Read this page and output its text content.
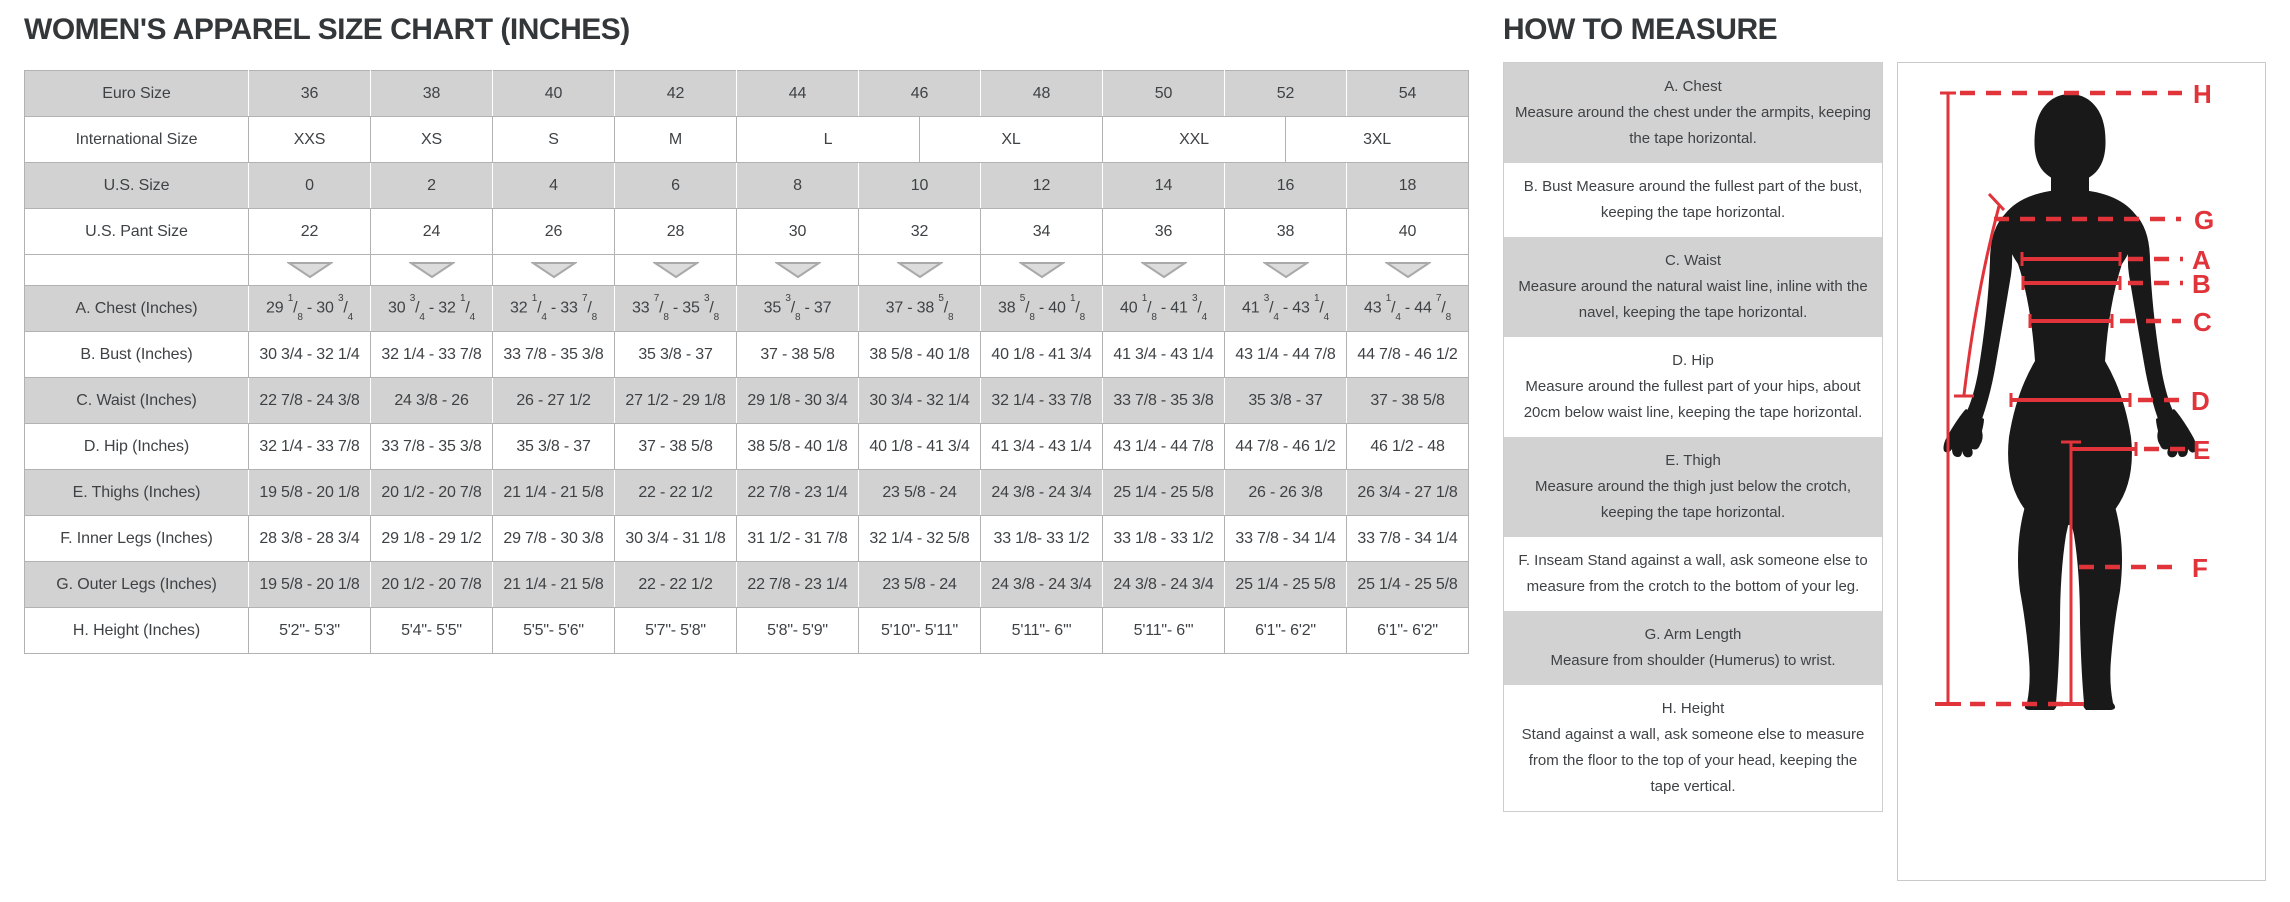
WOMEN'S APPAREL SIZE CHART (INCHES)
Euro Size	36	38	40	42	44	46		48	50	52		54
International Size	XXS	XS	S	M	L		XL		XXL		3XL	
U.S. Size	0	2	4	6	8	10		12	14	16		18
U.S. Pant Size	22	24	26	28	30	32		34	36	38		40

A. Chest (Inches)	29 $^1/_8 - 30$ $^3/_4$	30 $^3/_4 - 32$ $^1/_4$	32 $^1/_4 - 33$ $^7/_8$	33 $^7/_8 - 35$ $^3/_8$	35 $^3/_8 - 37$	37 - 38 $^5/_8$		38 $^5/_8 - 40$ $^1/_8$	40 $^1/_8 - 41$ $^3/_4$	41 $^3/_4 - 43$ $^1/_4$		43 $^1/_4 - 44$ $^7/_8$
B. Bust (Inches)	30 3/4 - 32 1/4	32 1/4 - 33 7/8	33 7/8 - 35 3/8	35 3/8 - 37	37 - 38 5/8	38 5/8 - 40 1/8		40 1/8 - 41 3/4	41 3/4 - 43 1/4	43 1/4 - 44 7/8		44 7/8 - 46 1/2
C. Waist (Inches)	22 7/8 - 24 3/8	24 3/8 - 26	26 - 27 1/2	27 1/2 - 29 1/8	29 1/8 - 30 3/4	30 3/4 - 32 1/4		32 1/4 - 33 7/8	33 7/8 - 35 3/8	35 3/8 - 37		37 - 38 5/8
D. Hip (Inches)	32 1/4 - 33 7/8	33 7/8 - 35 3/8	35 3/8 - 37	37 - 38 5/8	38 5/8 - 40 1/8	40 1/8 - 41 3/4		41 3/4 - 43 1/4	43 1/4 - 44 7/8	44 7/8 - 46 1/2		46 1/2 - 48
E. Thighs (Inches)	19 5/8 - 20 1/8	20 1/2 - 20 7/8	21 1/4 - 21 5/8	22 - 22 1/2	22 7/8 - 23 1/4	23 5/8 - 24		24 3/8 - 24 3/4	25 1/4 - 25 5/8	26 - 26 3/8		26 3/4 - 27 1/8
F. Inner Legs (Inches)	28 3/8 - 28 3/4	29 1/8 - 29 1/2	29 7/8 - 30 3/8	30 3/4 - 31 1/8	31 1/2 - 31 7/8	32 1/4 - 32 5/8		33 1/8- 33 1/2	33 1/8 - 33 1/2	33 7/8 - 34 1/4		33 7/8 - 34 1/4
G. Outer Legs (Inches)	19 5/8 - 20 1/8	20 1/2 - 20 7/8	21 1/4 - 21 5/8	22 - 22 1/2	22 7/8 - 23 1/4	23 5/8 - 24		24 3/8 - 24 3/4	24 3/8 - 24 3/4	25 1/4 - 25 5/8		25 1/4 - 25 5/8
H. Height (Inches)	5'2"- 5'3"	5'4"- 5'5"	5'5"- 5'6"	5'7"- 5'8"	5'8"- 5'9"	5'10"- 5'11"		5'11"- 6'"	5'11"- 6'"	6'1"- 6'2"		6'1"- 6'2"
HOW TO MEASURE

A. Chest
Measure around the chest under the armpits, keeping the tape horizontal.

B. Bust Measure around the fullest part of the bust, keeping the tape horizontal.

C. Waist
Measure around the natural waist line, inline with the navel, keeping the tape horizontal.

D. Hip
Measure around the fullest part of your hips, about 20cm below waist line, keeping the tape horizontal.

E. Thigh
Measure around the thigh just below the crotch, keeping the tape horizontal.

F. Inseam Stand against a wall, ask someone else to measure from the crotch to the bottom of your leg.

G. Arm Length
Measure from shoulder (Humerus) to wrist.

H. Height
Stand against a wall, ask someone else to measure from the floor to the top of your head, keeping the tape vertical.

H
G
A
B
C
D
E
F
